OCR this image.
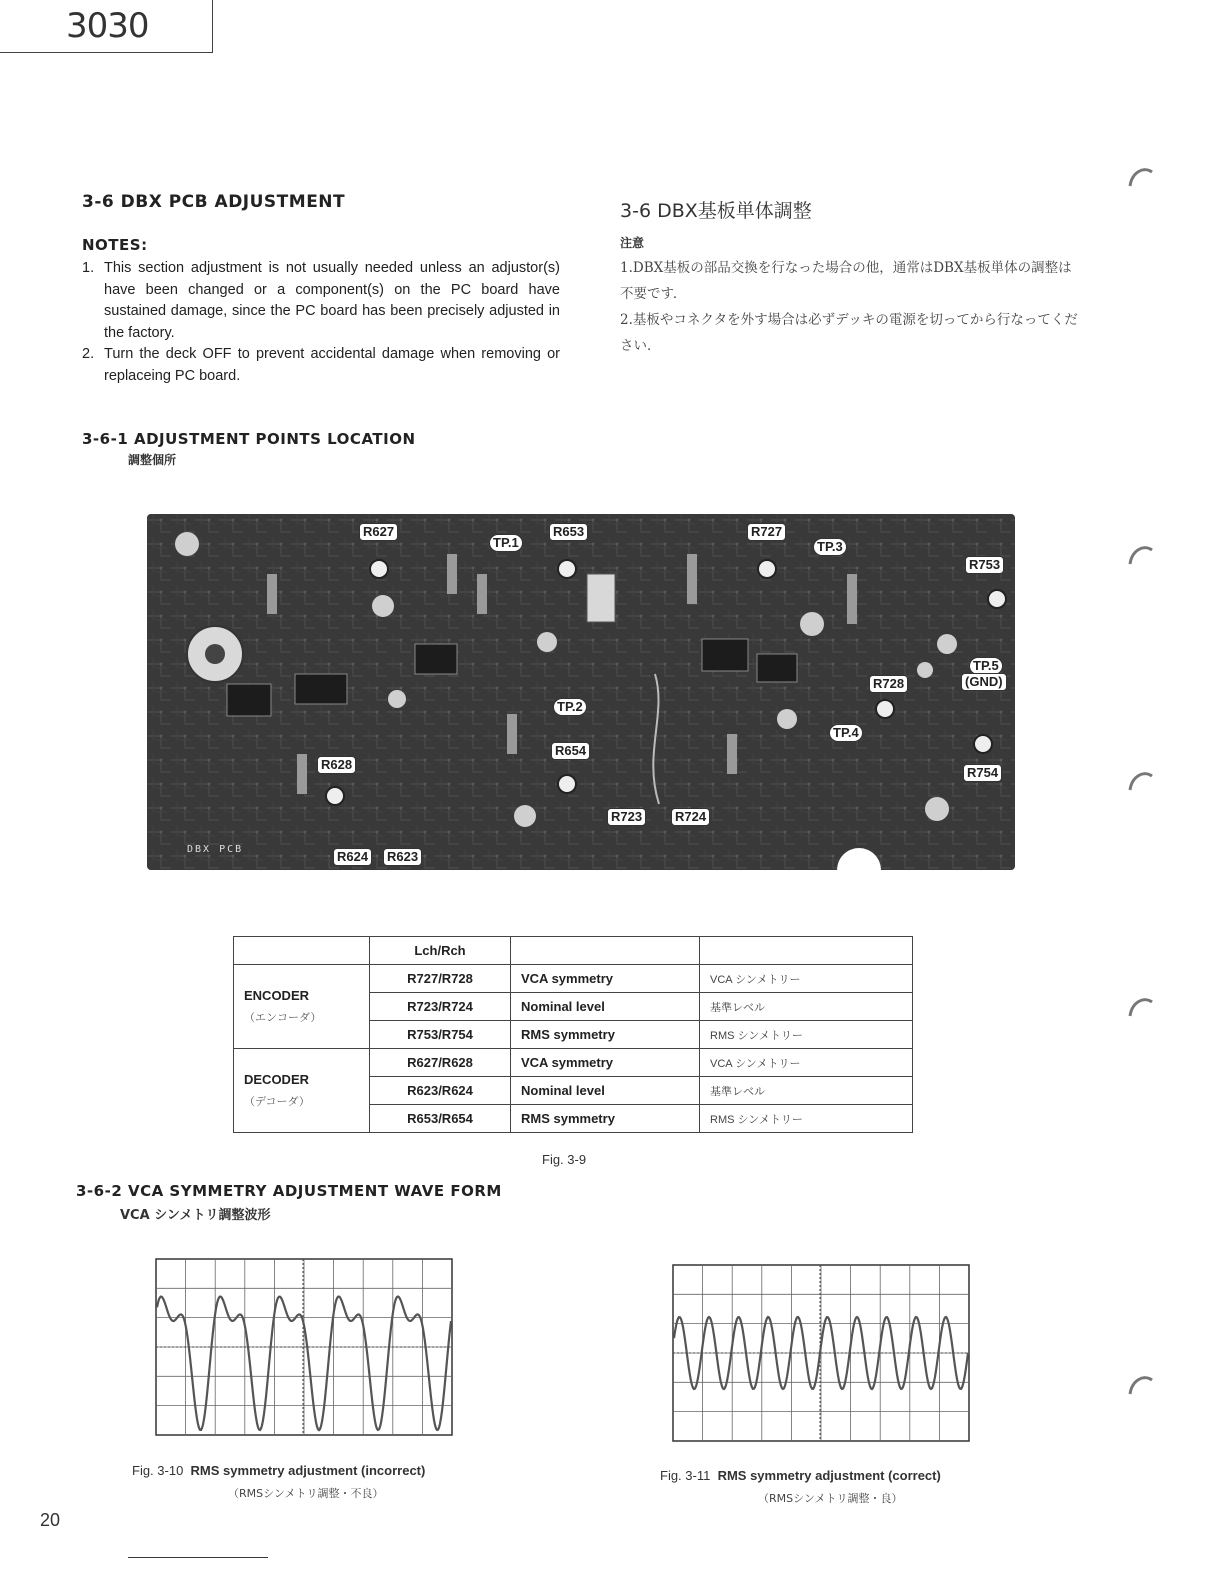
3030
3-6 DBX PCB ADJUSTMENT
NOTES:
1. This section adjustment is not usually needed unless an adjustor(s) have been changed or a component(s) on the PC board have sustained damage, since the PC board has been precisely adjusted in the factory.
2. Turn the deck OFF to prevent accidental damage when removing or replaceing PC board.
3-6 DBX基板単体調整
注意
1.DBX基板の部品交換を行なった場合の他，通常はDBX基板単体の調整は不要です．
2.基板やコネクタを外す場合は必ずデッキの電源を切ってから行なってください．
3-6-1 ADJUSTMENT POINTS LOCATION
調整個所
DBX PCB
R627
TP.1
R653	R727
TP.3
R753
TP.5
(GND)
R728
TP.2
R654
TP.4
R628
R754
R723	R724
R624	R623
	Lch/Rch		
ENCODER
（エンコーダ）	R727/R728	VCA symmetry	VCA シンメトリー
	R723/R724	Nominal level	基準レベル
	R753/R754	RMS symmetry	RMS シンメトリー
DECODER
（デコーダ）	R627/R628	VCA symmetry	VCA シンメトリー
	R623/R624	Nominal level	基準レベル
	R653/R654	RMS symmetry	RMS シンメトリー
Fig. 3-9
3-6-2 VCA SYMMETRY ADJUSTMENT WAVE FORM
VCA シンメトリ調整波形
Fig. 3-10 RMS symmetry adjustment (incorrect)
（RMSシンメトリ調整・不良）
Fig. 3-11 RMS symmetry adjustment (correct)
（RMSシンメトリ調整・良）
20
